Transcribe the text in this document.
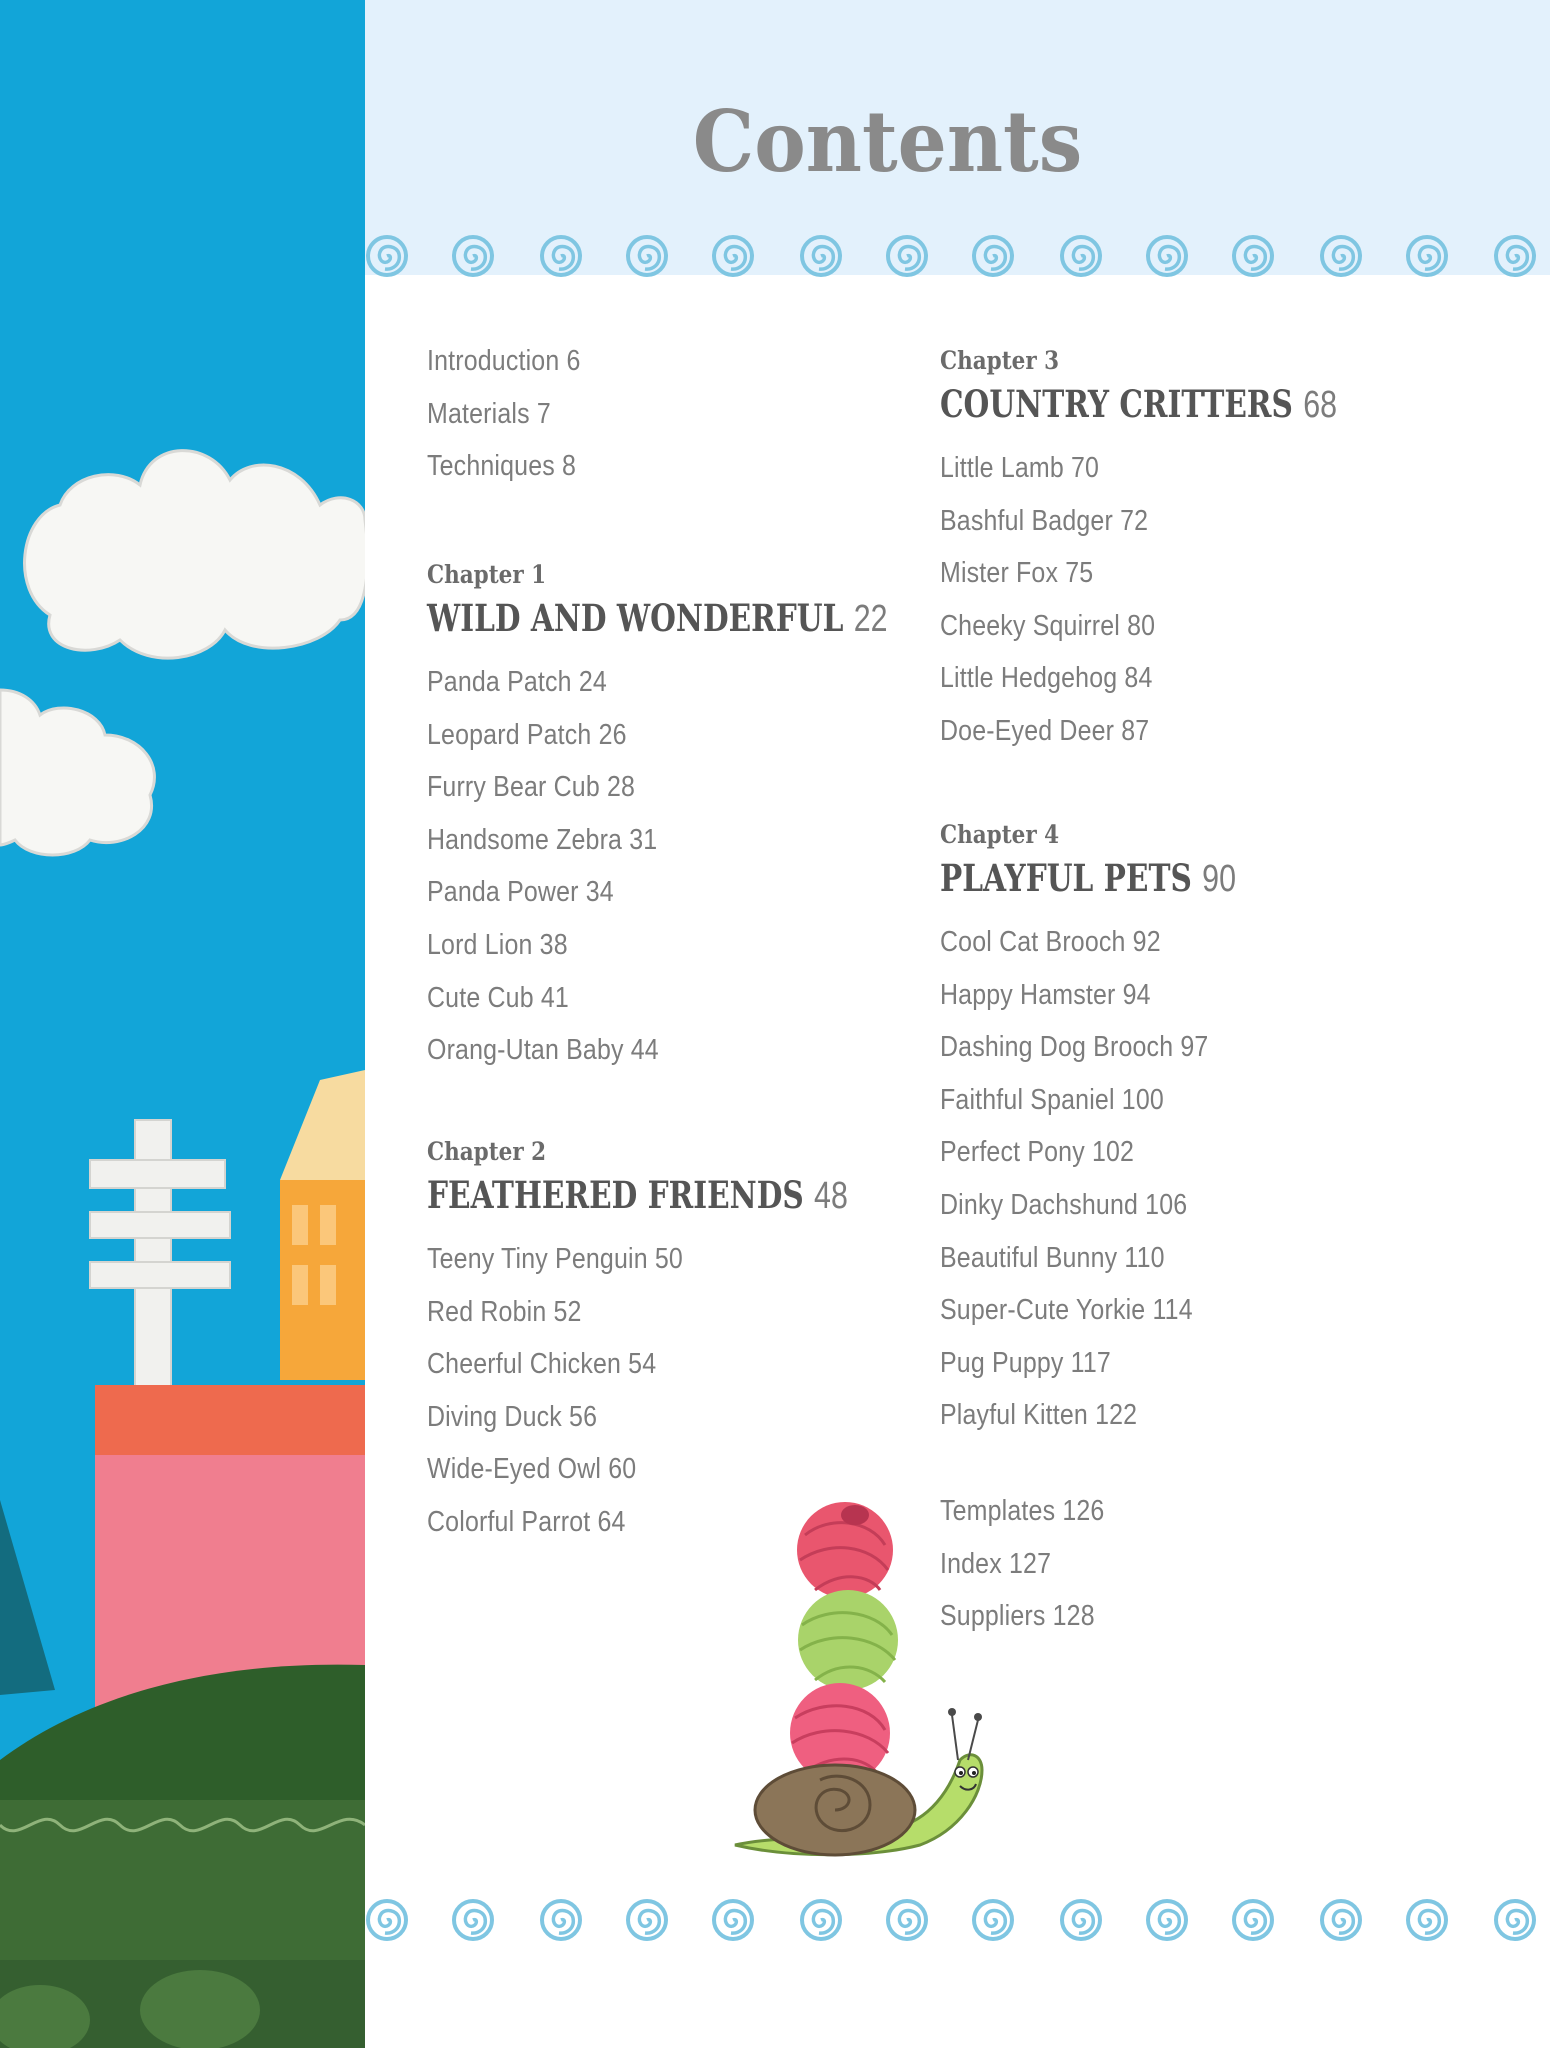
Contents
Introduction 6
Materials 7
Techniques 8
Chapter 1
WILD AND WONDERFUL 22
Panda Patch 24
Leopard Patch 26
Furry Bear Cub 28
Handsome Zebra 31
Panda Power 34
Lord Lion 38
Cute Cub 41
Orang-Utan Baby 44
Chapter 2
FEATHERED FRIENDS 48
Teeny Tiny Penguin 50
Red Robin 52
Cheerful Chicken 54
Diving Duck 56
Wide-Eyed Owl 60
Colorful Parrot 64
Chapter 3
COUNTRY CRITTERS 68
Little Lamb 70
Bashful Badger 72
Mister Fox 75
Cheeky Squirrel 80
Little Hedgehog 84
Doe-Eyed Deer 87
Chapter 4
PLAYFUL PETS 90
Cool Cat Brooch 92
Happy Hamster 94
Dashing Dog Brooch 97
Faithful Spaniel 100
Perfect Pony 102
Dinky Dachshund 106
Beautiful Bunny 110
Super-Cute Yorkie 114
Pug Puppy 117
Playful Kitten 122
Templates 126
Index 127
Suppliers 128
